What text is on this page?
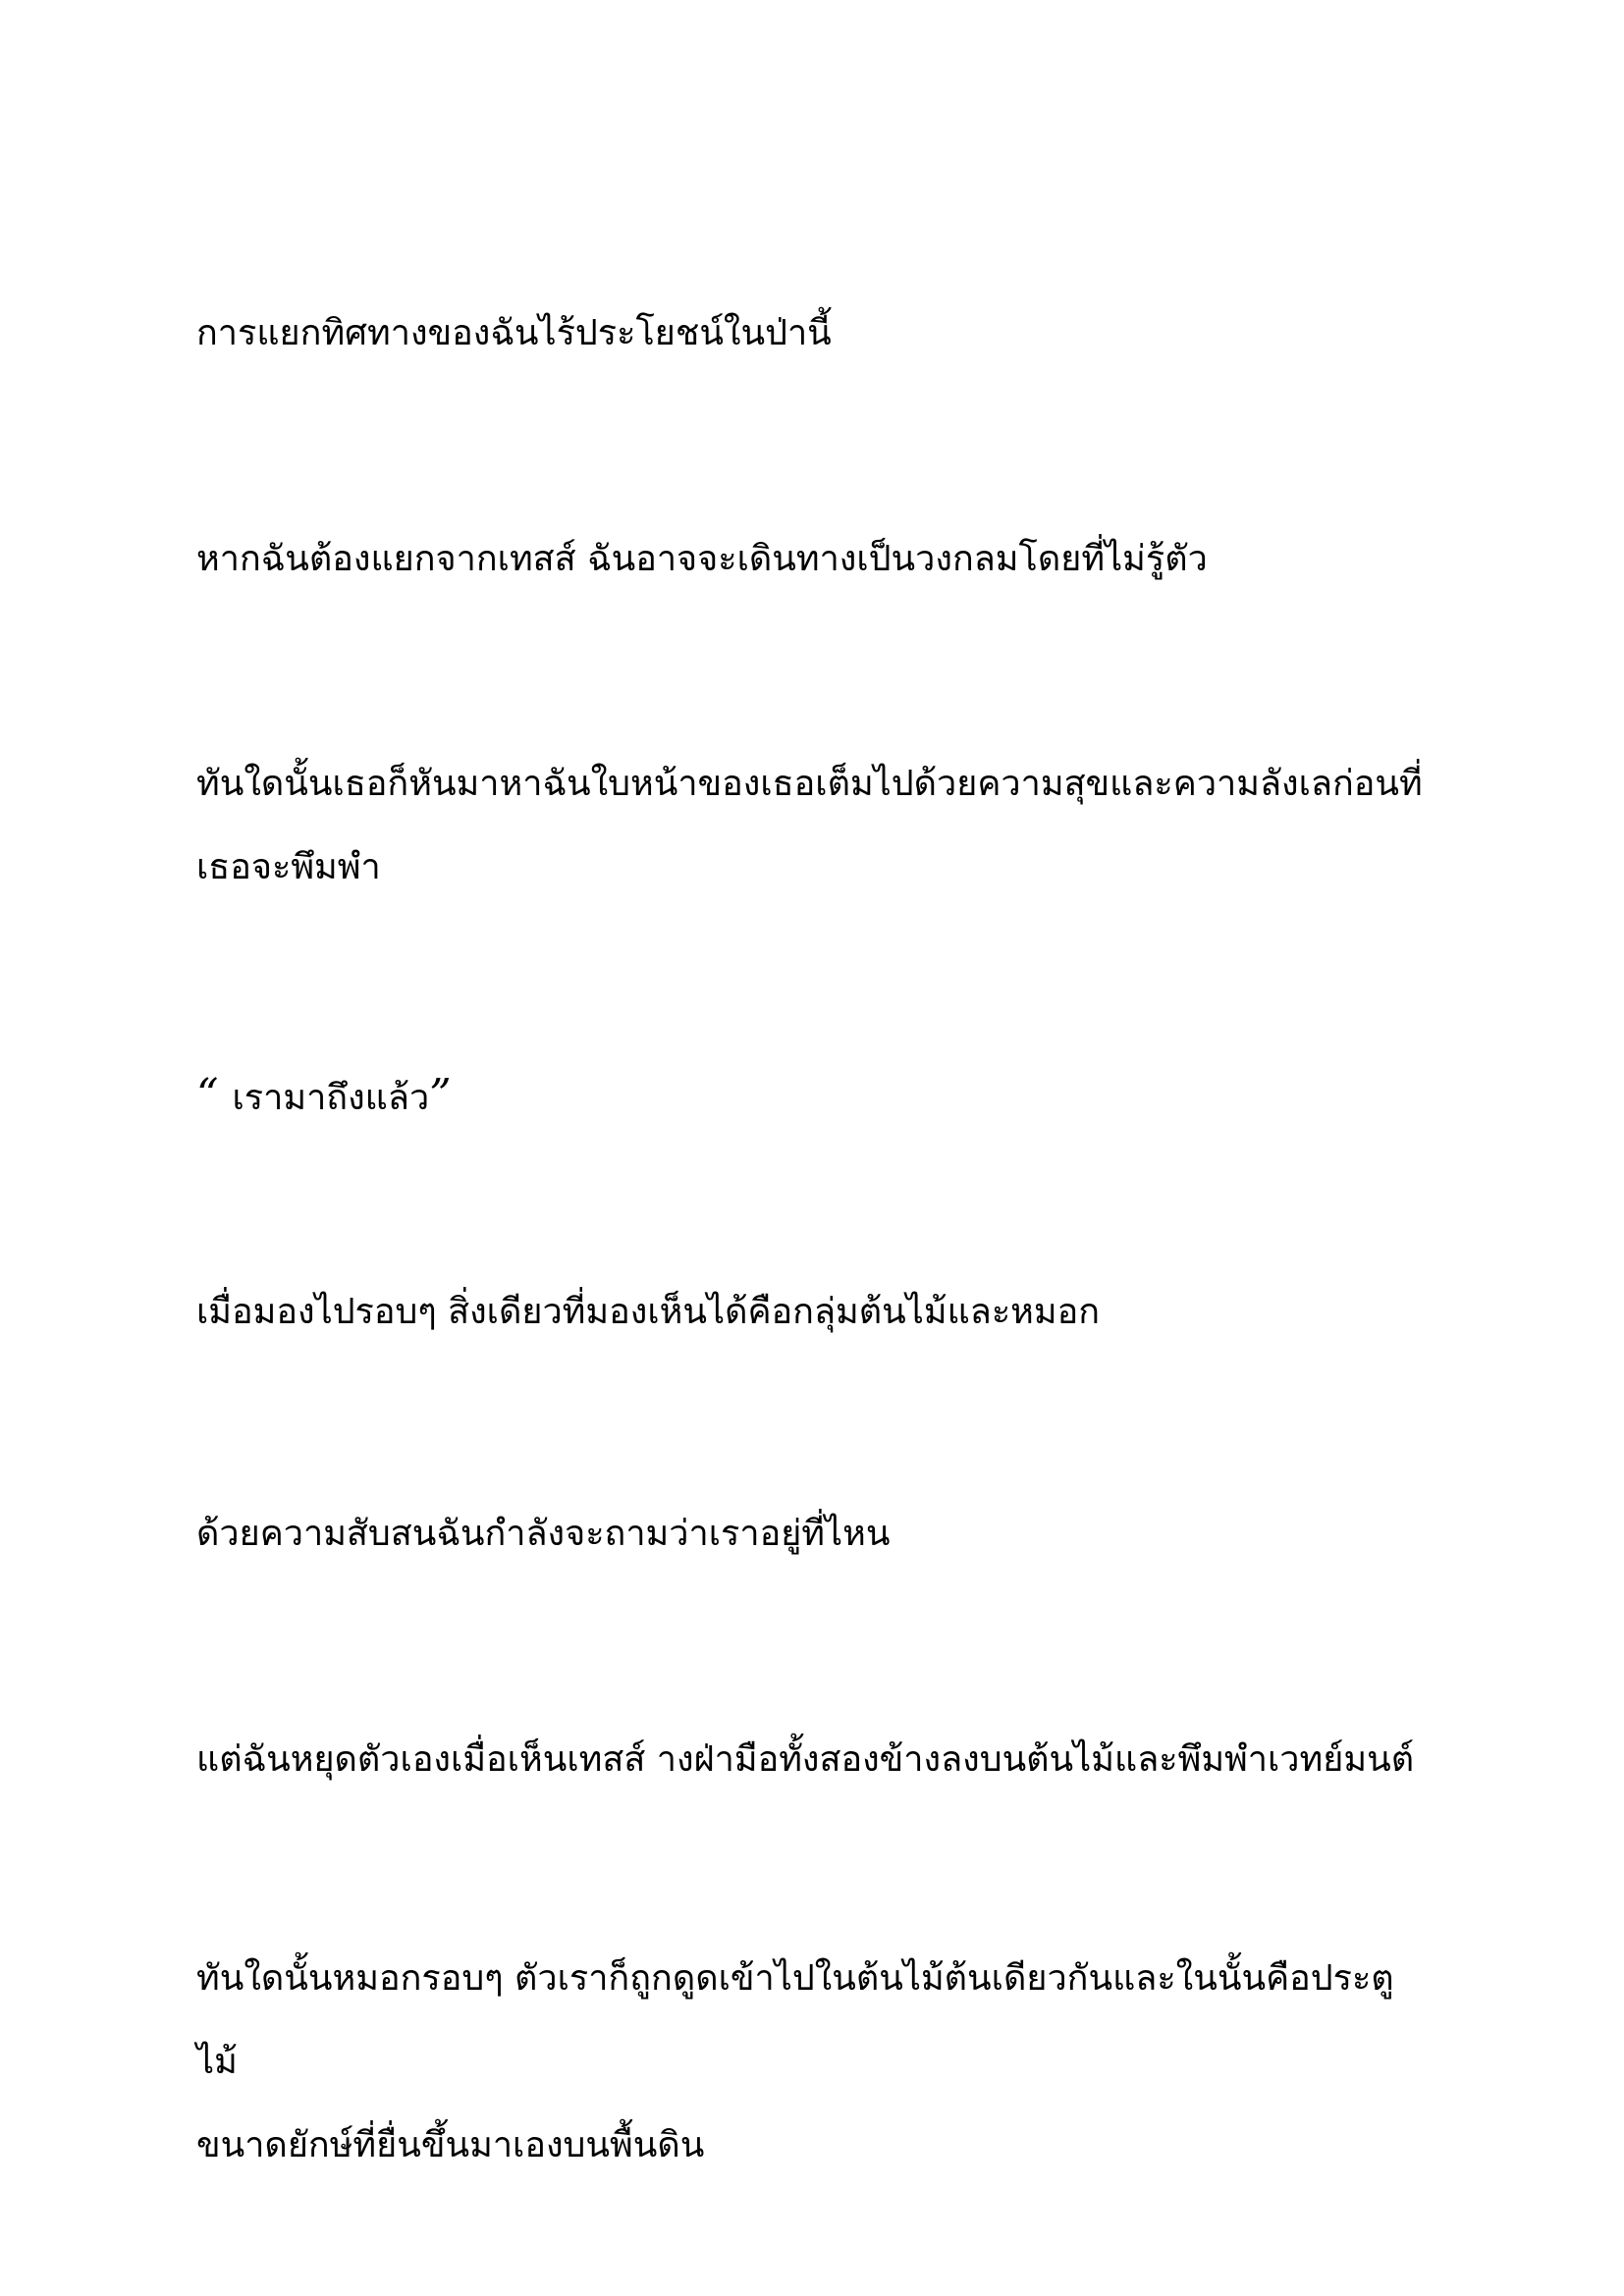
การแยกทิศทางของฉันไร้ประโยชน์ในป่านี้

หากฉันต้องแยกจากเทสส์ ฉันอาจจะเดินทางเป็นวงกลมโดยที่ไม่รู้ตัว

ทันใดนั้นเธอก็หันมาหาฉันใบหน้าของเธอเต็มไปด้วยความสุขและความลังเลก่อนที่
เธอจะพึมพำ

“ เรามาถึงแล้ว”

เมื่อมองไปรอบๆ สิ่งเดียวที่มองเห็นได้คือกลุ่มต้นไม้และหมอก

ด้วยความสับสนฉันกำลังจะถามว่าเราอยู่ที่ไหน

แต่ฉันหยุดตัวเองเมื่อเห็นเทสส์ างฝ่ามือทั้งสองข้างลงบนต้นไม้และพึมพำเวทย์มนต์

ทันใดนั้นหมอกรอบๆ ตัวเราก็ถูกดูดเข้าไปในต้นไม้ต้นเดียวกันและในนั้นคือประตูไม้
ขนาดยักษ์ที่ยื่นขึ้นมาเองบนพื้นดิน
